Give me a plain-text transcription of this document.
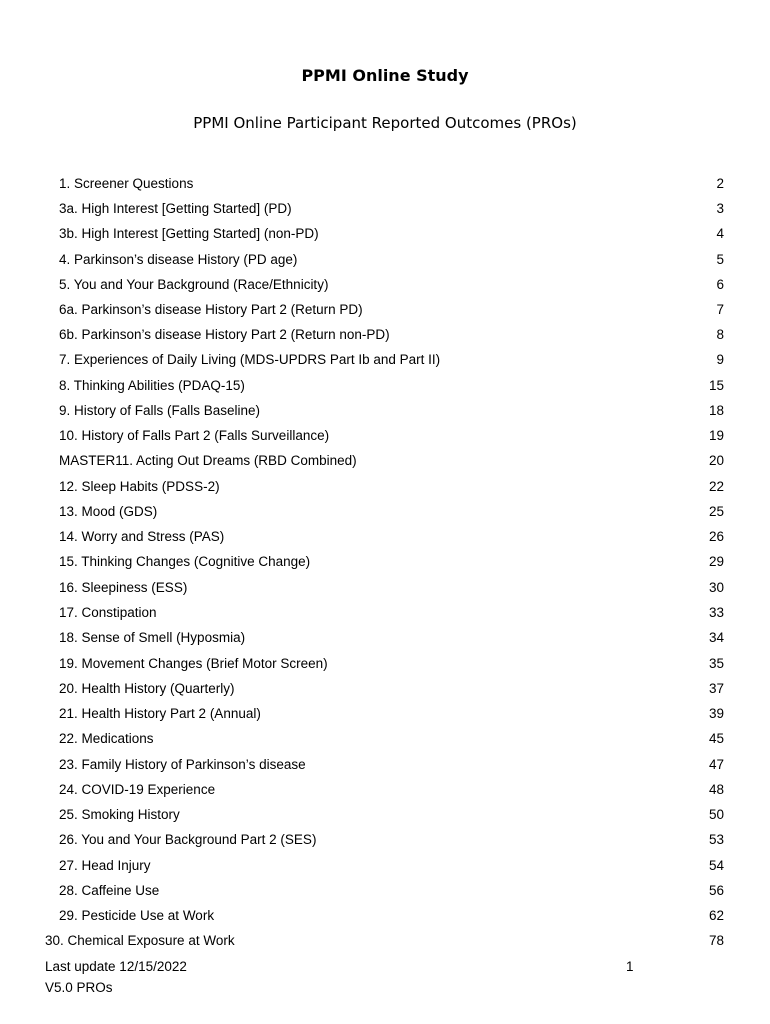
PPMI Online Study
PPMI Online Participant Reported Outcomes (PROs)
1. Screener Questions	2
3a. High Interest [Getting Started] (PD)	3
3b. High Interest [Getting Started] (non-PD)	4
4. Parkinson’s disease History (PD age)	5
5. You and Your Background (Race/Ethnicity)	6
6a. Parkinson’s disease History Part 2 (Return PD)	7
6b. Parkinson’s disease History Part 2 (Return non-PD)	8
7. Experiences of Daily Living (MDS-UPDRS Part Ib and Part II)	9
8. Thinking Abilities (PDAQ-15)	15
9. History of Falls (Falls Baseline)	18
10. History of Falls Part 2 (Falls Surveillance)	19
MASTER11. Acting Out Dreams (RBD Combined)	20
12. Sleep Habits (PDSS-2)	22
13. Mood (GDS)	25
14. Worry and Stress (PAS)	26
15. Thinking Changes (Cognitive Change)	29
16. Sleepiness (ESS)	30
17. Constipation	33
18. Sense of Smell (Hyposmia)	34
19. Movement Changes (Brief Motor Screen)	35
20. Health History (Quarterly)	37
21. Health History Part 2 (Annual)	39
22. Medications	45
23. Family History of Parkinson’s disease	47
24. COVID-19 Experience	48
25. Smoking History	50
26. You and Your Background Part 2 (SES)	53
27. Head Injury	54
28. Caffeine Use	56
29. Pesticide Use at Work	62
30. Chemical Exposure at Work	78
Last update 12/15/2022
V5.0 PROs
1
